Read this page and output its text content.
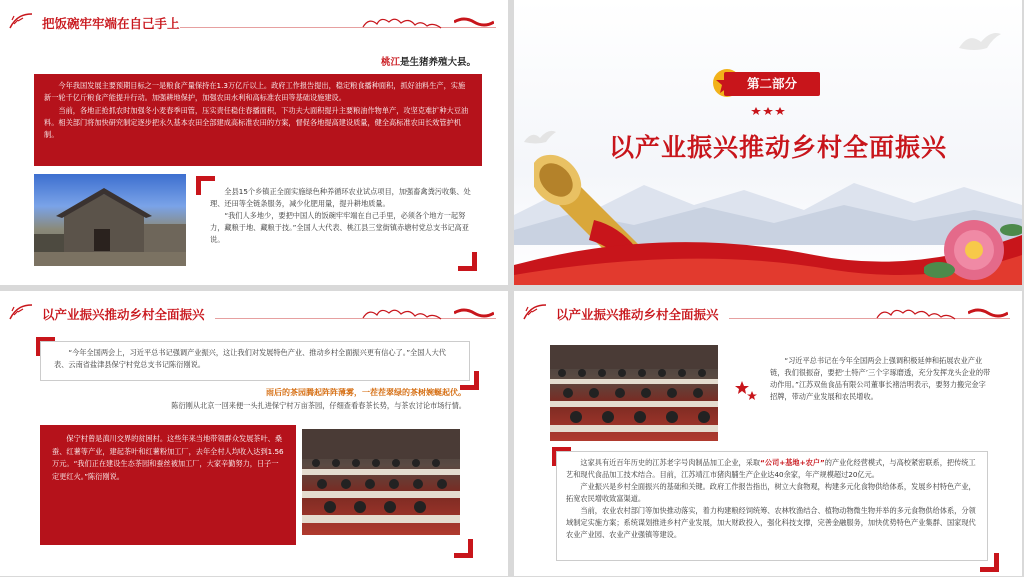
把饭碗牢牢端在自己手上
桃江是生猪养殖大县。

今年我国发展主要预期目标之一是粮食产量保持在1.3万亿斤以上。政府工作报告提出，稳定粮食播种面积，抓好油料生产，实施新一轮千亿斤粮食产能提升行动。加强耕地保护，加强农田水利和高标准农田等基础设施建设。

当前，各地正抢抓农时加强冬小麦春季田管，压实责任稳住春播面积，下功夫大面积提升主要粮油作物单产，攻坚克难扩种大豆油料。相关部门将加快研究制定逐步把永久基本农田全部建成高标准农田的方案，督促各地提高建设质量，健全高标准农田长效管护机制。

全县15个乡镇正全面实施绿色种养循环农业试点项目，加强畜禽粪污收集、处理、还田等全链条服务，减少化肥用量，提升耕地质量。

“我们人多地少，要把中国人的饭碗牢牢端在自己手里，必须各个地方一起努力，藏粮于地、藏粮于技。”全国人大代表、桃江县三堂街镇赤塘村党总支书记高亚说。

第二部分
以产业振兴推动乡村全面振兴
以产业振兴推动乡村全面振兴

“今年全国两会上，习近平总书记强调产业振兴，这让我们对发展特色产业、推动乡村全面振兴更有信心了。”全国人大代表、云南省盐津县保宁村党总支书记陈衍刚说。

雨后的茶园腾起阵阵薄雾，一茬茬翠绿的茶树婉蜒起伏。
陈衍刚从北京一回来便一头扎进保宁村万亩茶园，仔细查看春茶长势，与茶农讨论市场行情。

保宁村曾是滇川交界的贫困村。这些年来当地带领群众发展茶叶、桑蚕、红薯等产业，建起茶叶和红薯粉加工厂，去年全村人均收入达到1.56万元。“我们正在建设生态茶园和蚕丝被加工厂，大家辛勤努力，日子一定更红火。”陈衍刚说。

以产业振兴推动乡村全面振兴

“习近平总书记在今年全国两会上强调积极延伸和拓展农业产业链，我们很振奋，要把‘土特产’三个字琢磨透，充分发挥龙头企业的带动作用。”江苏双鱼食品有限公司董事长褚洁明表示，要努力搬完金字招牌，带动产业发展和农民增收。

这家具有近百年历史的江苏老字号肉制品加工企业，采取“公司+基地+农户”的产业化经营模式，与高校紧密联系，把传统工艺和现代食品加工技术结合。目前，江苏靖江市猪肉脯生产企业达40余家，年产规模超过20亿元。

产业振兴是乡村全面振兴的基础和关键。政府工作报告指出，树立大食物观，构建多元化食物供给体系，发展乡村特色产业，拓宽农民增收致富渠道。

当前，农业农村部门等加快推动落实，着力构建粮经饲统筹、农林牧渔结合、植物动物微生物并举的多元食物供给体系，分领域制定实施方案；系统谋划推进乡村产业发展，加大财政投入，强化科技支撑，完善金融服务，加快优势特色产业集群、国家现代农业产业园、农业产业强镇等建设。
